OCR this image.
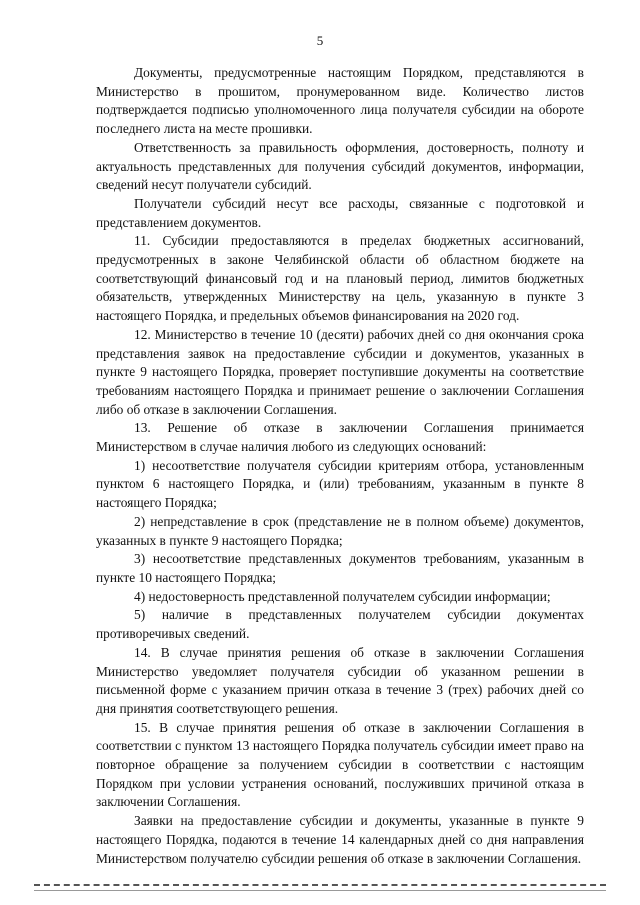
5

Документы, предусмотренные настоящим Порядком, представляются в Министерство в прошитом, пронумерованном виде. Количество листов подтверждается подписью уполномоченного лица получателя субсидии на обороте последнего листа на месте прошивки.

Ответственность за правильность оформления, достоверность, полноту и актуальность представленных для получения субсидий документов, информации, сведений несут получатели субсидий.

Получатели субсидий несут все расходы, связанные с подготовкой и представлением документов.

11. Субсидии предоставляются в пределах бюджетных ассигнований, предусмотренных в законе Челябинской области об областном бюджете на соответствующий финансовый год и на плановый период, лимитов бюджетных обязательств, утвержденных Министерству на цель, указанную в пункте 3 настоящего Порядка, и предельных объемов финансирования на 2020 год.

12. Министерство в течение 10 (десяти) рабочих дней со дня окончания срока представления заявок на предоставление субсидии и документов, указанных в пункте 9 настоящего Порядка, проверяет поступившие документы на соответствие требованиям настоящего Порядка и принимает решение о заключении Соглашения либо об отказе в заключении Соглашения.

13. Решение об отказе в заключении Соглашения принимается Министерством в случае наличия любого из следующих оснований:

1) несоответствие получателя субсидии критериям отбора, установленным пунктом 6 настоящего Порядка, и (или) требованиям, указанным в пункте 8 настоящего Порядка;

2) непредставление в срок (представление не в полном объеме) документов, указанных в пункте 9 настоящего Порядка;

3) несоответствие представленных документов требованиям, указанным в пункте 10 настоящего Порядка;

4) недостоверность представленной получателем субсидии информации;

5) наличие в представленных получателем субсидии документах противоречивых сведений.

14. В случае принятия решения об отказе в заключении Соглашения Министерство уведомляет получателя субсидии об указанном решении в письменной форме с указанием причин отказа в течение 3 (трех) рабочих дней со дня принятия соответствующего решения.

15. В случае принятия решения об отказе в заключении Соглашения в соответствии с пунктом 13 настоящего Порядка получатель субсидии имеет право на повторное обращение за получением субсидии в соответствии с настоящим Порядком при условии устранения оснований, послуживших причиной отказа в заключении Соглашения.

Заявки на предоставление субсидии и документы, указанные в пункте 9 настоящего Порядка, подаются в течение 14 календарных дней со дня направления Министерством получателю субсидии решения об отказе в заключении Соглашения.
